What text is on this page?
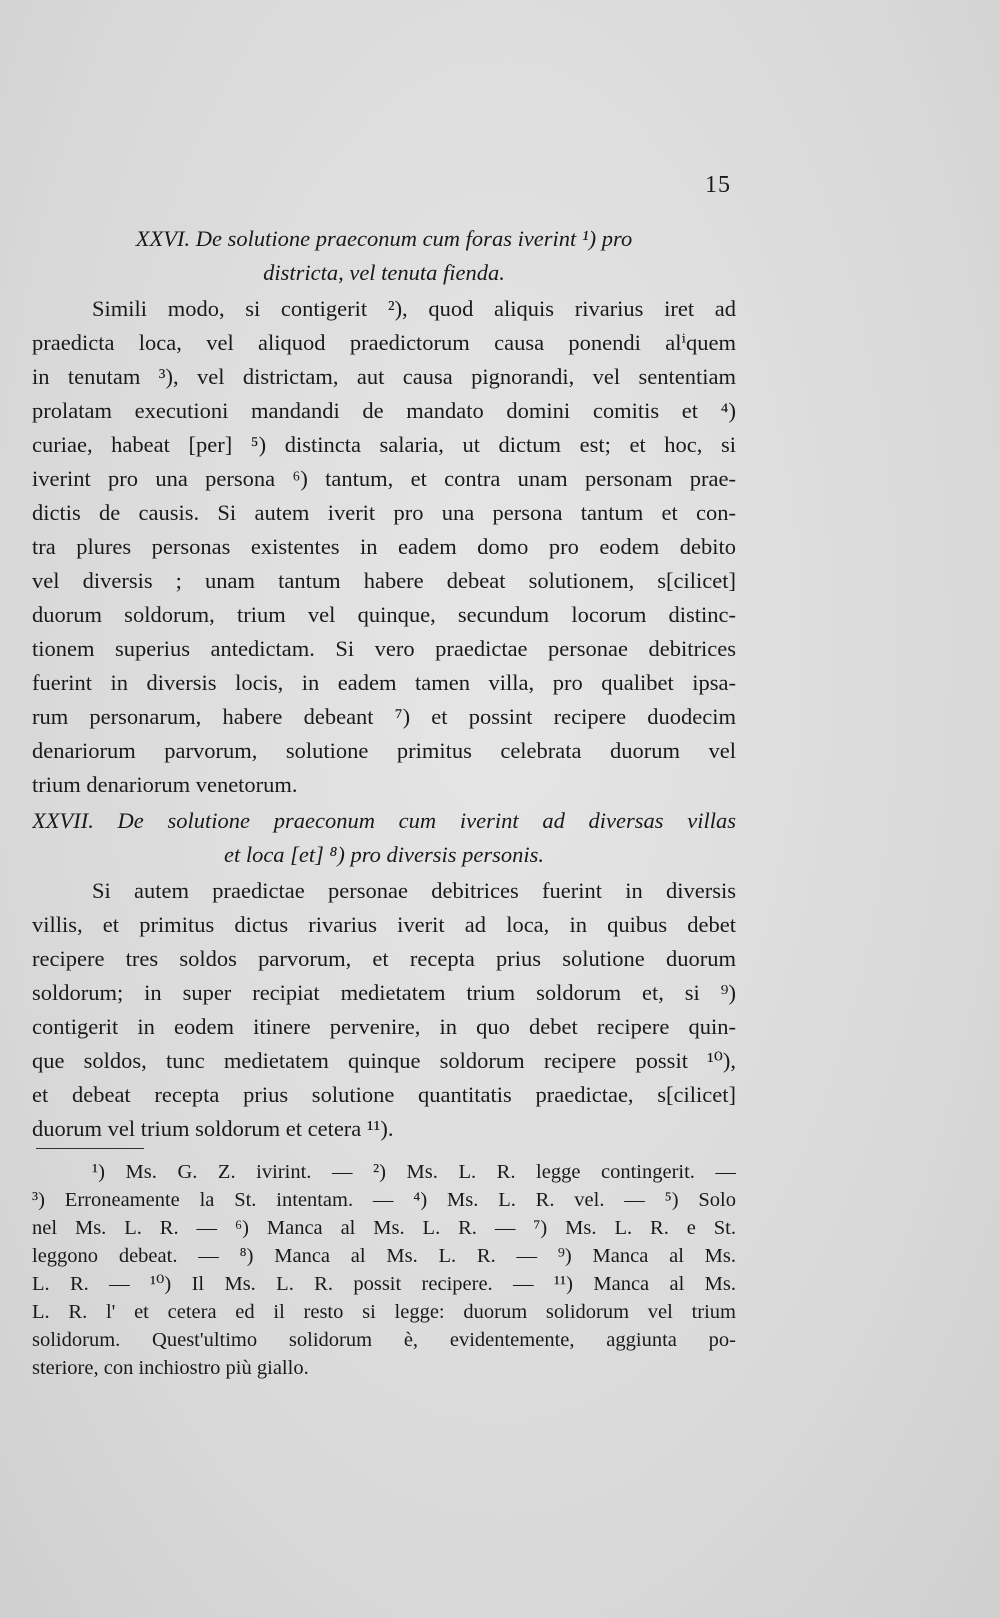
15
XXVI. De solutione praeconum cum foras iverint ¹) pro
districta, vel tenuta fienda.
Simili modo, si contigerit ²), quod aliquis rivarius iret ad
praedicta loca, vel aliquod praedictorum causa ponendi alⁱquem
in tenutam ³), vel districtam, aut causa pignorandi, vel sententiam
prolatam executioni mandandi de mandato domini comitis et ⁴)
curiae, habeat [per] ⁵) distincta salaria, ut dictum est; et hoc, si
iverint pro una persona ⁶) tantum, et contra unam personam prae-
dictis de causis. Si autem iverit pro una persona tantum et con-
tra plures personas existentes in eadem domo pro eodem debito
vel diversis ; unam tantum habere debeat solutionem, s[cilicet]
duorum soldorum, trium vel quinque, secundum locorum distinc-
tionem superius antedictam. Si vero praedictae personae debitrices
fuerint in diversis locis, in eadem tamen villa, pro qualibet ipsa-
rum personarum, habere debeant ⁷) et possint recipere duodecim
denariorum parvorum, solutione primitus celebrata duorum vel
trium denariorum venetorum.
XXVII. De solutione praeconum cum iverint ad diversas villas
et loca [et] ⁸) pro diversis personis.
Si autem praedictae personae debitrices fuerint in diversis
villis, et primitus dictus rivarius iverit ad loca, in quibus debet
recipere tres soldos parvorum, et recepta prius solutione duorum
soldorum; in super recipiat medietatem trium soldorum et, si ⁹)
contigerit in eodem itinere pervenire, in quo debet recipere quin-
que soldos, tunc medietatem quinque soldorum recipere possit ¹⁰),
et debeat recepta prius solutione quantitatis praedictae, s[cilicet]
duorum vel trium soldorum et cetera ¹¹).
¹) Ms. G. Z. ivirint. — ²) Ms. L. R. legge contingerit. —
³) Erroneamente la St. intentam. — ⁴) Ms. L. R. vel. — ⁵) Solo
nel Ms. L. R. — ⁶) Manca al Ms. L. R. — ⁷) Ms. L. R. e St.
leggono debeat. — ⁸) Manca al Ms. L. R. — ⁹) Manca al Ms.
L. R. — ¹⁰) Il Ms. L. R. possit recipere. — ¹¹) Manca al Ms.
L. R. l' et cetera ed il resto si legge: duorum solidorum vel trium
solidorum. Quest'ultimo solidorum è, evidentemente, aggiunta po-
steriore, con inchiostro più giallo.
